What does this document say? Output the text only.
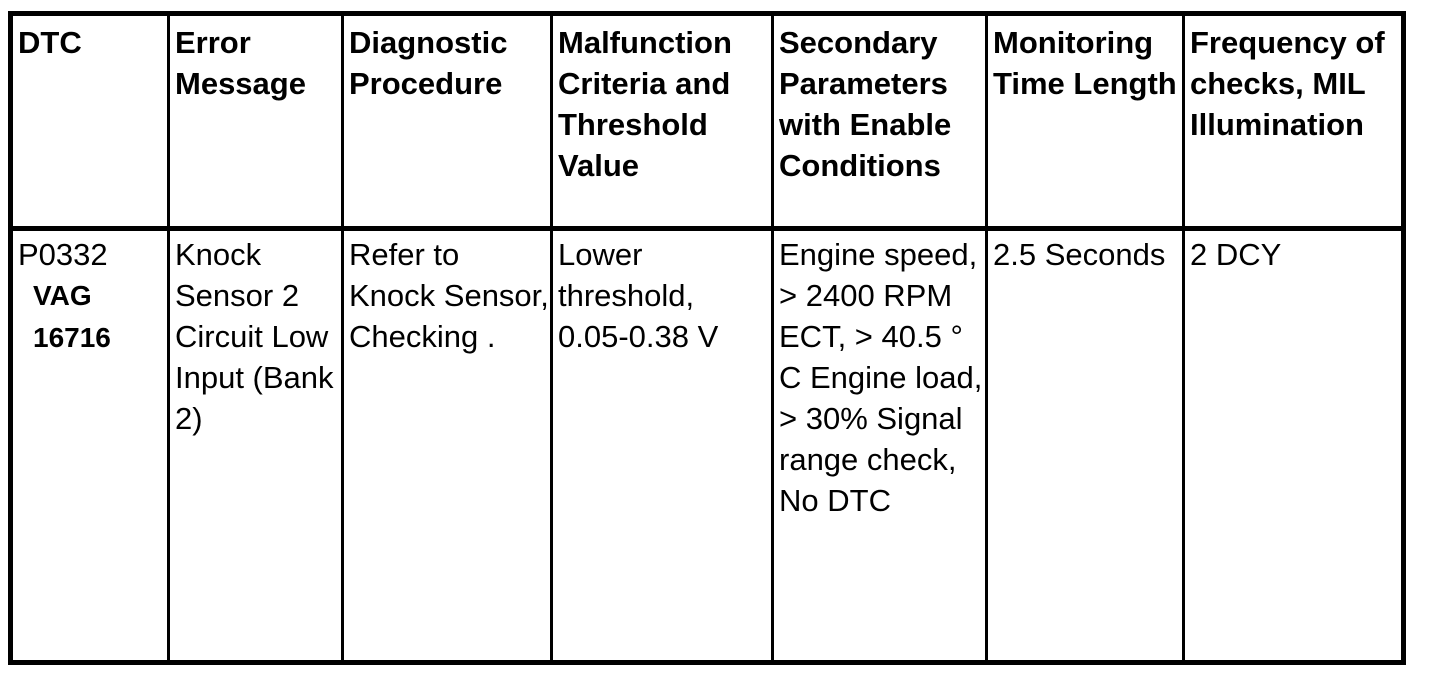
DTC	Error Message	Diagnostic Procedure	Malfunction Criteria and Threshold Value	Secondary Parameters with Enable Conditions	Monitoring Time Length	Frequency of checks, MIL Illumination

P0332
VAG
16716	Knock Sensor 2 Circuit Low Input (Bank 2)	Refer to Knock Sensor, Checking .	Lower threshold, 0.05-0.38 V	Engine speed, > 2400 RPM ECT, > 40.5 ° C Engine load, > 30% Signal range check, No DTC	2.5 Seconds	2 DCY
